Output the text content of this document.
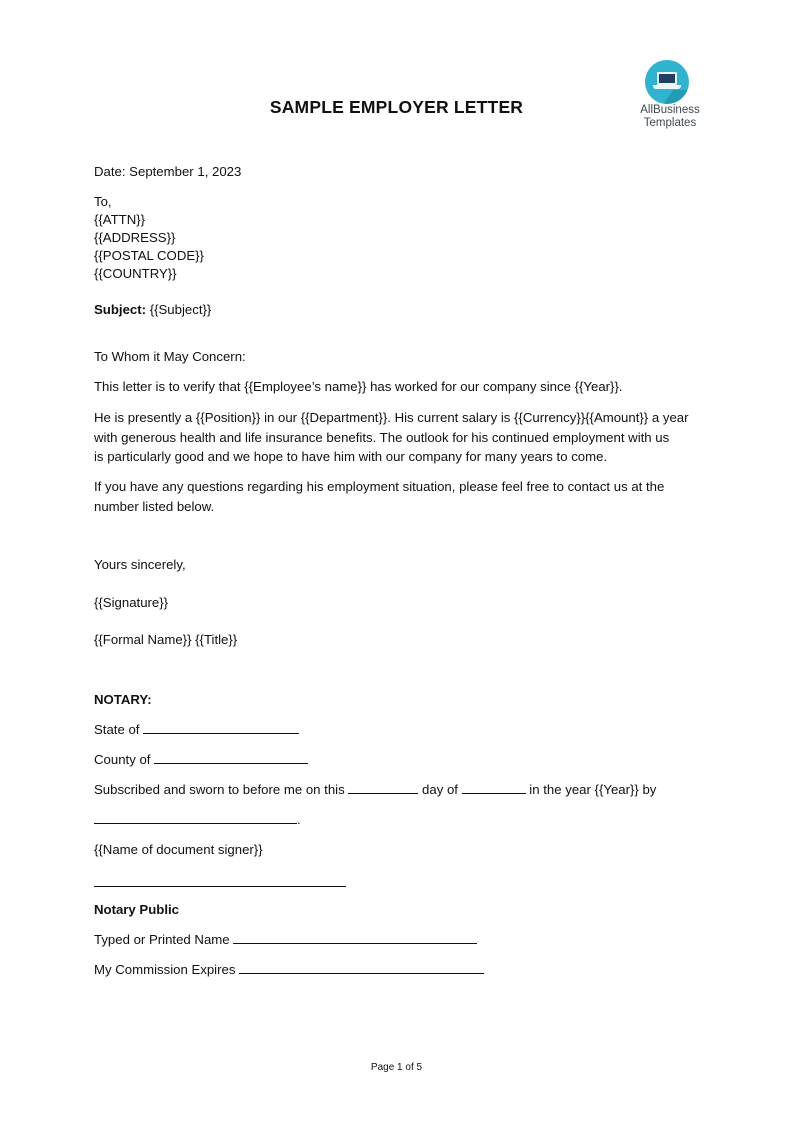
SAMPLE EMPLOYER LETTER	AllBusiness
Templates
Date: September 1, 2023

To,

{{ATTN}}

{{ADDRESS}}

{{POSTAL CODE}}

{{COUNTRY}}

Subject: {{Subject}}
To Whom it May Concern:
This letter is to verify that {{Employee’s name}} has worked for our company since {{Year}}.

He is presently a {{Position}} in our {{Department}}. His current salary is {{Currency}}{{Amount}} a year

with generous health and life insurance benefits. The outlook for his continued employment with us

is particularly good and we hope to have him with our company for many years to come.

If you have any questions regarding his employment situation, please feel free to contact us at the

number listed below.

Yours sincerely,
{{Signature}}
{{Formal Name}} {{Title}}
NOTARY:
State of
County of
Subscribed and sworn to before me on this	day of	in the year {{Year}} by
.
{{Name of document signer}}
Notary Public
Typed or Printed Name
My Commission Expires
Page 1 of 5
